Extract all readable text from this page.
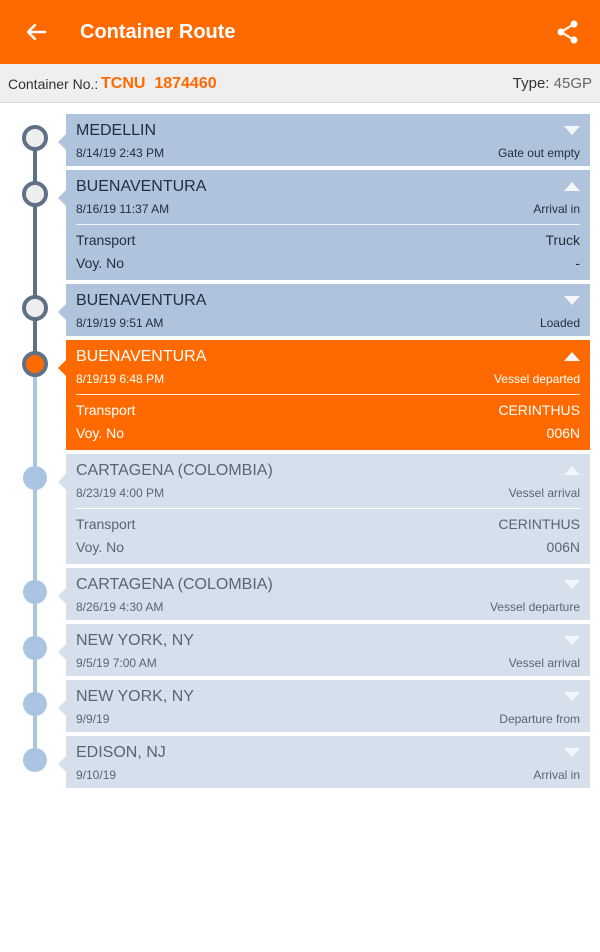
Container Route
Container No.: TCNU  1874460	Type: 45GP
MEDELLIN
8/14/19 2:43 PM	Gate out empty
BUENAVENTURA
8/16/19 11:37 AM	Arrival in
Transport	Truck
Voy. No	-
BUENAVENTURA
8/19/19 9:51 AM	Loaded
BUENAVENTURA
8/19/19 6:48 PM	Vessel departed
Transport	CERINTHUS
Voy. No	006N
CARTAGENA (COLOMBIA)
8/23/19 4:00 PM	Vessel arrival
Transport	CERINTHUS
Voy. No	006N
CARTAGENA (COLOMBIA)
8/26/19 4:30 AM	Vessel departure
NEW YORK, NY
9/5/19 7:00 AM	Vessel arrival
NEW YORK, NY
9/9/19	Departure from
EDISON, NJ
9/10/19	Arrival in
